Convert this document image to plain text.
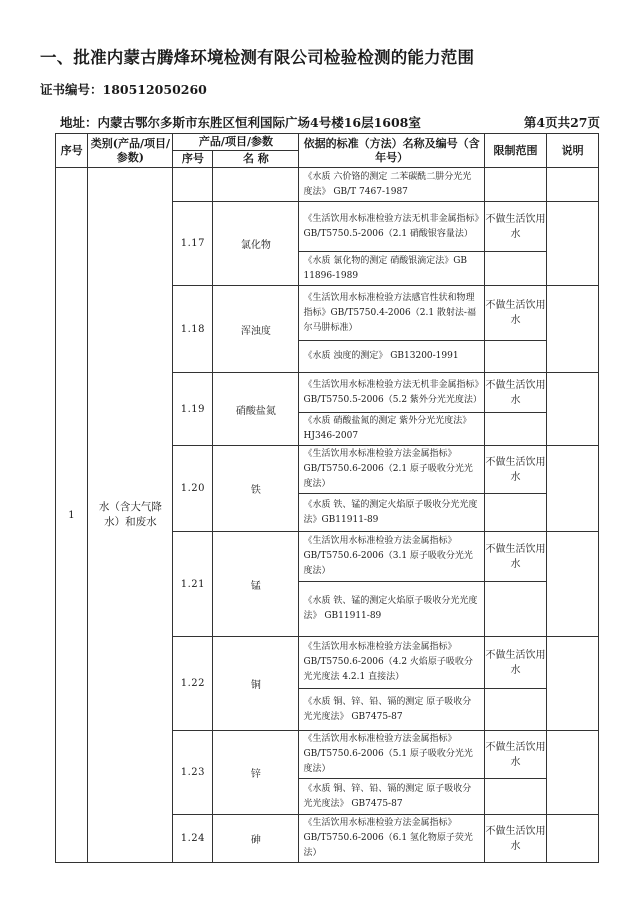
一、批准内蒙古腾烽环境检测有限公司检验检测的能力范围
证书编号：180512050260
地址：内蒙古鄂尔多斯市东胜区恒利国际广场4号楼16层1608室	第4页共27页
序号	类别(产品/项目/参数)	产品/项目/参数		依据的标准（方法）名称及编号（含年号）	限制范围	说明
		序号	名 称			
1	水（含大气降水）和废水			《水质 六价铬的测定 二苯碳酰二肼分光光度法》 GB/T 7467-1987		
		1.17	氯化物	《生活饮用水标准检验方法无机非金属指标》GB/T5750.5-2006（2.1 硝酸银容量法）	不做生活饮用水	
				《水质 氯化物的测定 硝酸银滴定法》GB 11896-1989		
		1.18	浑浊度	《生活饮用水标准检验方法感官性状和物理指标》GB/T5750.4-2006（2.1 散射法-福尔马肼标准）	不做生活饮用水	
				《水质 浊度的测定》 GB13200-1991		
		1.19	硝酸盐氮	《生活饮用水标准检验方法无机非金属指标》GB/T5750.5-2006（5.2 紫外分光光度法）	不做生活饮用水	
				《水质 硝酸盐氮的测定 紫外分光光度法》HJ346-2007		
		1.20	铁	《生活饮用水标准检验方法金属指标》GB/T5750.6-2006（2.1 原子吸收分光光度法）	不做生活饮用水	
				《水质 铁、锰的测定火焰原子吸收分光光度法》GB11911-89		
		1.21	锰	《生活饮用水标准检验方法金属指标》GB/T5750.6-2006（3.1 原子吸收分光光度法）	不做生活饮用水	
				《水质 铁、锰的测定火焰原子吸收分光光度法》 GB11911-89		
		1.22	铜	《生活饮用水标准检验方法金属指标》GB/T5750.6-2006（4.2 火焰原子吸收分光光度法 4.2.1 直接法）	不做生活饮用水	
				《水质 铜、锌、铅、镉的测定 原子吸收分光光度法》 GB7475-87		
		1.23	锌	《生活饮用水标准检验方法金属指标》GB/T5750.6-2006（5.1 原子吸收分光光度法）	不做生活饮用水	
				《水质 铜、锌、铅、镉的测定 原子吸收分光光度法》 GB7475-87		
		1.24	砷	《生活饮用水标准检验方法金属指标》GB/T5750.6-2006（6.1 氢化物原子荧光法）	不做生活饮用水	
